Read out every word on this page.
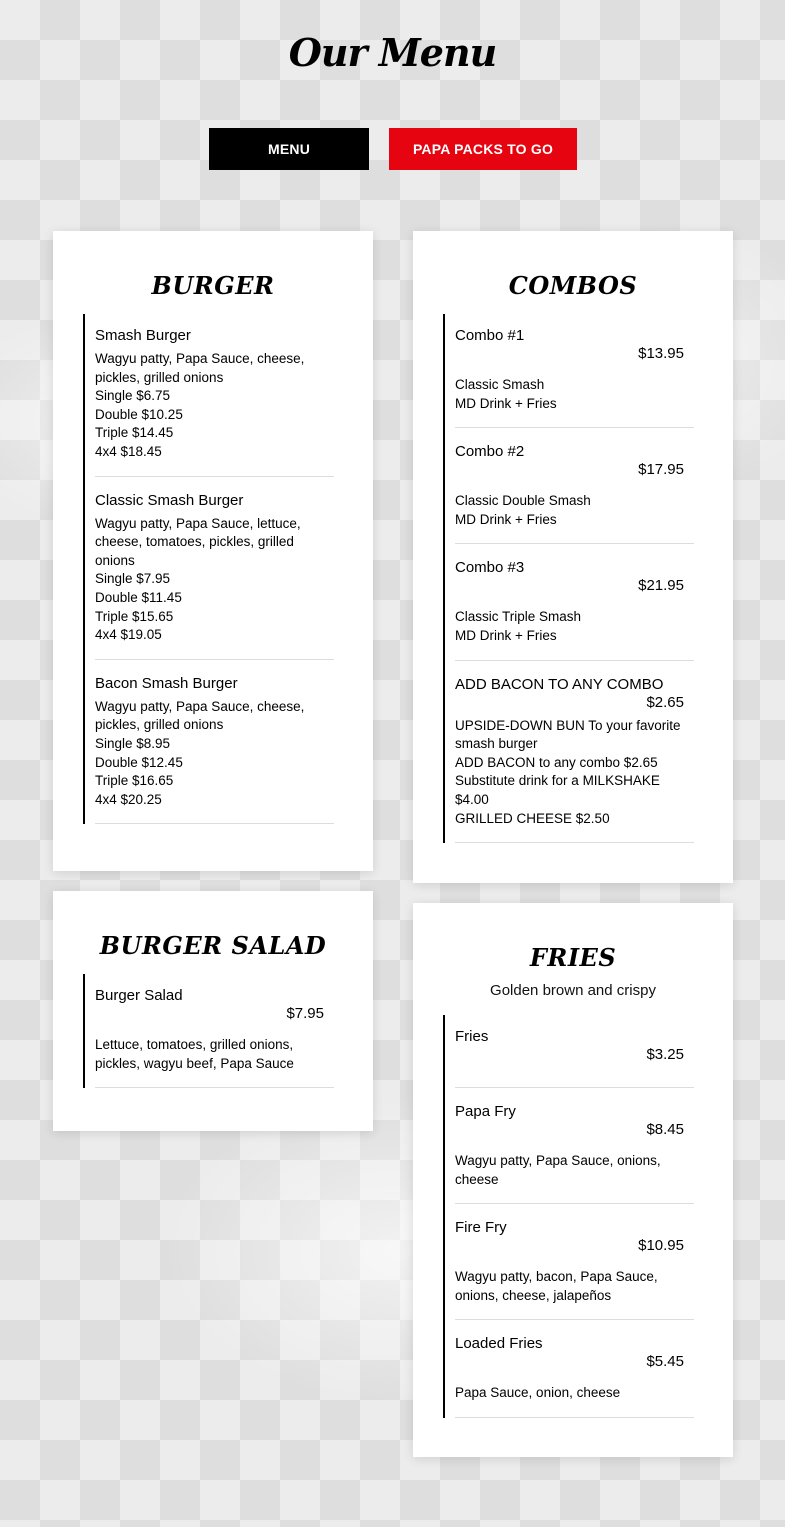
Our Menu
MENU	PAPA PACKS TO GO
BURGER
Smash Burger
Wagyu patty, Papa Sauce, cheese, pickles, grilled onions
Single $6.75
Double $10.25
Triple $14.45
4x4 $18.45
Classic Smash Burger
Wagyu patty, Papa Sauce, lettuce, cheese, tomatoes, pickles, grilled onions
Single $7.95
Double $11.45
Triple $15.65
4x4 $19.05
Bacon Smash Burger
Wagyu patty, Papa Sauce, cheese, pickles, grilled onions
Single $8.95
Double $12.45
Triple $16.65
4x4 $20.25
COMBOS
Combo #1
$13.95
Classic Smash
MD Drink + Fries
Combo #2
$17.95
Classic Double Smash
MD Drink + Fries
Combo #3
$21.95
Classic Triple Smash
MD Drink + Fries
ADD BACON TO ANY COMBO
$2.65
UPSIDE-DOWN BUN To your favorite smash burger
ADD BACON to any combo $2.65
Substitute drink for a MILKSHAKE $4.00
GRILLED CHEESE $2.50
BURGER SALAD
Burger Salad
$7.95
Lettuce, tomatoes, grilled onions, pickles, wagyu beef, Papa Sauce
FRIES
Golden brown and crispy
Fries
$3.25
Papa Fry
$8.45
Wagyu patty, Papa Sauce, onions, cheese
Fire Fry
$10.95
Wagyu patty, bacon, Papa Sauce, onions, cheese, jalapeños
Loaded Fries
$5.45
Papa Sauce, onion, cheese
